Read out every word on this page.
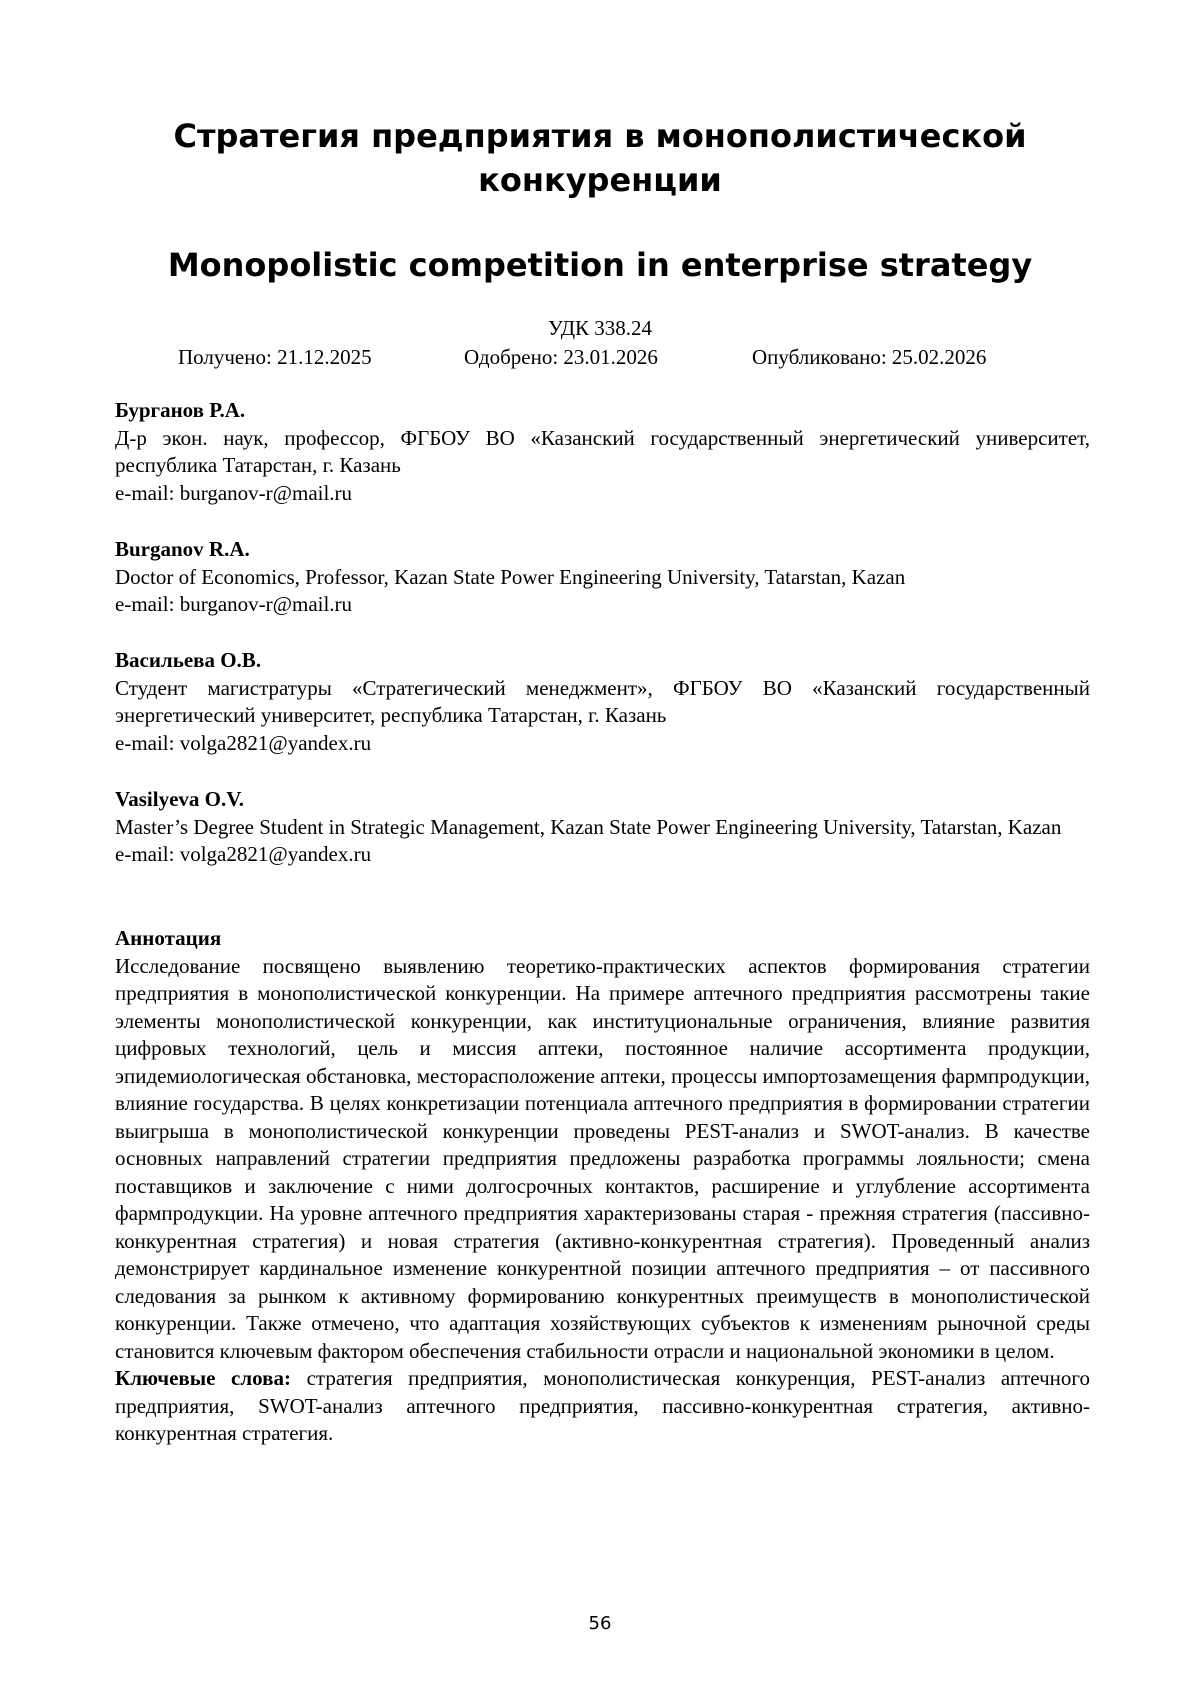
Стратегия предприятия в монополистической конкуренции
Monopolistic competition in enterprise strategy
УДК 338.24
Получено: 21.12.2025	Одобрено: 23.01.2026	Опубликовано: 25.02.2026
Бурганов Р.А.
Д-р экон. наук, профессор, ФГБОУ ВО «Казанский государственный энергетический университет, республика Татарстан, г. Казань
e-mail: burganov-r@mail.ru
Burganov R.A.
Doctor of Economics, Professor, Kazan State Power Engineering University, Tatarstan, Kazan
e-mail: burganov-r@mail.ru
Васильева О.В.
Студент магистратуры «Стратегический менеджмент», ФГБОУ ВО «Казанский государственный энергетический университет, республика Татарстан, г. Казань
e-mail: volga2821@yandex.ru
Vasilyeva O.V.
Master’s Degree Student in Strategic Management, Kazan State Power Engineering University, Tatarstan, Kazan
e-mail: volga2821@yandex.ru
Аннотация
Исследование посвящено выявлению теоретико-практических аспектов формирования стратегии предприятия в монополистической конкуренции. На примере аптечного предприятия рассмотрены такие элементы монополистической конкуренции, как институциональные ограничения, влияние развития цифровых технологий, цель и миссия аптеки, постоянное наличие ассортимента продукции, эпидемиологическая обстановка, месторасположение аптеки, процессы импортозамещения фармпродукции, влияние государства. В целях конкретизации потенциала аптечного предприятия в формировании стратегии выигрыша в монополистической конкуренции проведены PEST-анализ и SWOT-анализ. В качестве основных направлений стратегии предприятия предложены разработка программы лояльности; смена поставщиков и заключение с ними долгосрочных контактов, расширение и углубление ассортимента фармпродукции. На уровне аптечного предприятия характеризованы старая - прежняя стратегия (пассивно-конкурентная стратегия) и новая стратегия (активно-конкурентная стратегия). Проведенный анализ демонстрирует кардинальное изменение конкурентной позиции аптечного предприятия – от пассивного следования за рынком к активному формированию конкурентных преимуществ в монополистической конкуренции. Также отмечено, что адаптация хозяйствующих субъектов к изменениям рыночной среды становится ключевым фактором обеспечения стабильности отрасли и национальной экономики в целом.
Ключевые слова: стратегия предприятия, монополистическая конкуренция, PEST-анализ аптечного предприятия, SWOT-анализ аптечного предприятия, пассивно-конкурентная стратегия, активно-конкурентная стратегия.
56
